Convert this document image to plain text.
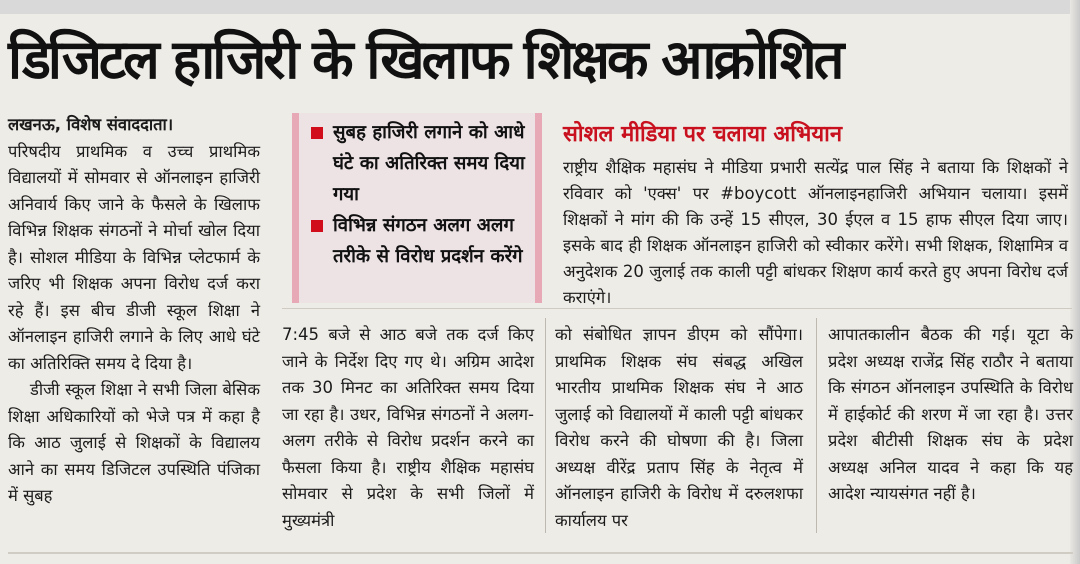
डिजिटल हाजिरी के खिलाफ शिक्षक आक्रोशित

लखनऊ, विशेष संवाददाता।

परिषदीय प्राथमिक व उच्च प्राथमिक विद्यालयों में सोमवार से ऑनलाइन हाजिरी अनिवार्य किए जाने के फैसले के खिलाफ विभिन्न शिक्षक संगठनों ने मोर्चा खोल दिया है। सोशल मीडिया के विभिन्न प्लेटफार्म के जरिए भी शिक्षक अपना विरोध दर्ज करा रहे हैं। इस बीच डीजी स्कूल शिक्षा ने ऑनलाइन हाजिरी लगाने के लिए आधे घंटे का अतिरिक्ति समय दे दिया है।

डीजी स्कूल शिक्षा ने सभी जिला बेसिक शिक्षा अधिकारियों को भेजे पत्र में कहा है कि आठ जुलाई से शिक्षकों के विद्यालय आने का समय डिजिटल उपस्थिति पंजिका में सुबह

सुबह हाजिरी लगाने को आधे घंटे का अतिरिक्त समय दिया गया
विभिन्न संगठन अलग अलग तरीके से विरोध प्रदर्शन करेंगे
सोशल मीडिया पर चलाया अभियान
राष्ट्रीय शैक्षिक महासंघ ने मीडिया प्रभारी सत्येंद्र पाल सिंह ने बताया कि शिक्षकों ने रविवार को 'एक्स' पर #boycott ऑनलाइनहाजिरी अभियान चलाया। इसमें शिक्षकों ने मांग की कि उन्हें 15 सीएल, 30 ईएल व 15 हाफ सीएल दिया जाए। इसके बाद ही शिक्षक ऑनलाइन हाजिरी को स्वीकार करेंगे। सभी शिक्षक, शिक्षामित्र व अनुदेशक 20 जुलाई तक काली पट्टी बांधकर शिक्षण कार्य करते हुए अपना विरोध दर्ज कराएंगे।
7:45 बजे से आठ बजे तक दर्ज किए जाने के निर्देश दिए गए थे। अग्रिम आदेश तक 30 मिनट का अतिरिक्त समय दिया जा रहा है। उधर, विभिन्न संगठनों ने अलग-अलग तरीके से विरोध प्रदर्शन करने का फैसला किया है। राष्ट्रीय शैक्षिक महासंघ सोमवार से प्रदेश के सभी जिलों में मुख्यमंत्री
को संबोधित ज्ञापन डीएम को सौंपेगा। प्राथमिक शिक्षक संघ संबद्ध अखिल भारतीय प्राथमिक शिक्षक संघ ने आठ जुलाई को विद्यालयों में काली पट्टी बांधकर विरोध करने की घोषणा की है। जिला अध्यक्ष वीरेंद्र प्रताप सिंह के नेतृत्व में ऑनलाइन हाजिरी के विरोध में दरुलशफा कार्यालय पर
आपातकालीन बैठक की गई। यूटा के प्रदेश अध्यक्ष राजेंद्र सिंह राठौर ने बताया कि संगठन ऑनलाइन उपस्थिति के विरोध में हाईकोर्ट की शरण में जा रहा है। उत्तर प्रदेश बीटीसी शिक्षक संघ के प्रदेश अध्यक्ष अनिल यादव ने कहा कि यह आदेश न्यायसंगत नहीं है।
